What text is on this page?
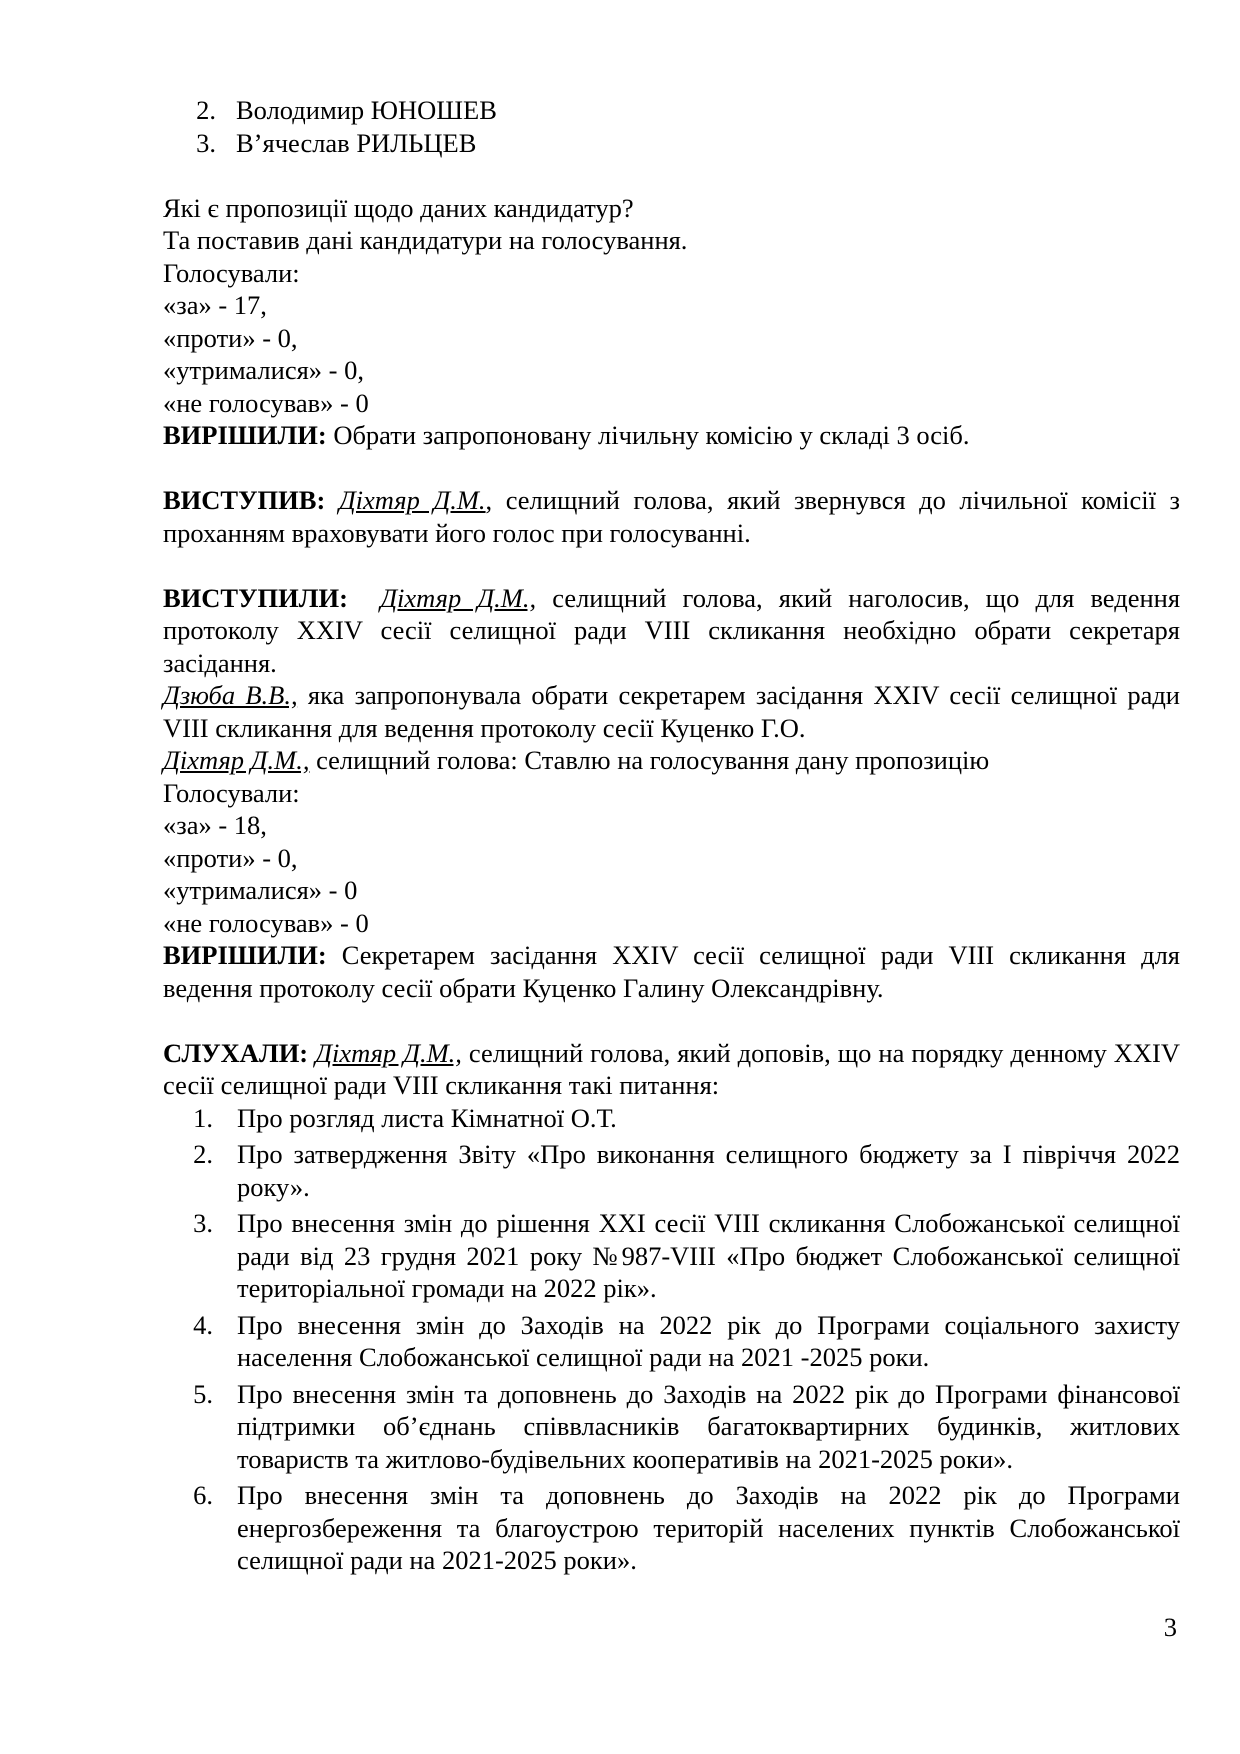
2. Володимир ЮНОШЕВ
3. В’ячеслав РИЛЬЦЕВ

Які є пропозиції щодо даних кандидатур?

Та поставив дані кандидатури на голосування.

Голосували:

«за» - 17,

«проти» - 0,

«утрималися» - 0,

«не голосував» - 0

ВИРІШИЛИ: Обрати запропоновану лічильну комісію у складі 3 осіб.

ВИСТУПИВ: Діхтяр Д.М., селищний голова, який звернувся до лічильної комісії з проханням враховувати його голос при голосуванні.

ВИСТУПИЛИ: Діхтяр Д.М., селищний голова, який наголосив, що для ведення протоколу XXIV сесії селищної ради VIII скликання необхідно обрати секретаря засідання.

Дзюба В.В., яка запропонувала обрати секретарем засідання XXIV сесії селищної ради VIII скликання для ведення протоколу сесії Куценко Г.О.

Діхтяр Д.М., селищний голова: Ставлю на голосування дану пропозицію

Голосували:

«за» - 18,

«проти» - 0,

«утрималися» - 0

«не голосував» - 0

ВИРІШИЛИ: Секретарем засідання XXIV сесії селищної ради VIII скликання для ведення протоколу сесії обрати Куценко Галину Олександрівну.

СЛУХАЛИ: Діхтяр Д.М., селищний голова, який доповів, що на порядку денному XXIV сесії селищної ради VIII скликання такі питання:

1. Про розгляд листа Кімнатної О.Т.
2. Про затвердження Звіту «Про виконання селищного бюджету за І півріччя 2022 року».
3. Про внесення змін до рішення XXI сесії VIII скликання Слобожанської селищної ради від 23 грудня 2021 року №987-VIII «Про бюджет Слобожанської селищної територіальної громади на 2022 рік».
4. Про внесення змін до Заходів на 2022 рік до Програми соціального захисту населення Слобожанської селищної ради на 2021 -2025 роки.
5. Про внесення змін та доповнень до Заходів на 2022 рік до Програми фінансової підтримки об’єднань співвласників багатоквартирних будинків, житлових товариств та житлово-будівельних кооперативів на 2021-2025 роки».
6. Про внесення змін та доповнень до Заходів на 2022 рік до Програми енергозбереження та благоустрою територій населених пунктів Слобожанської селищної ради на 2021-2025 роки».
3
